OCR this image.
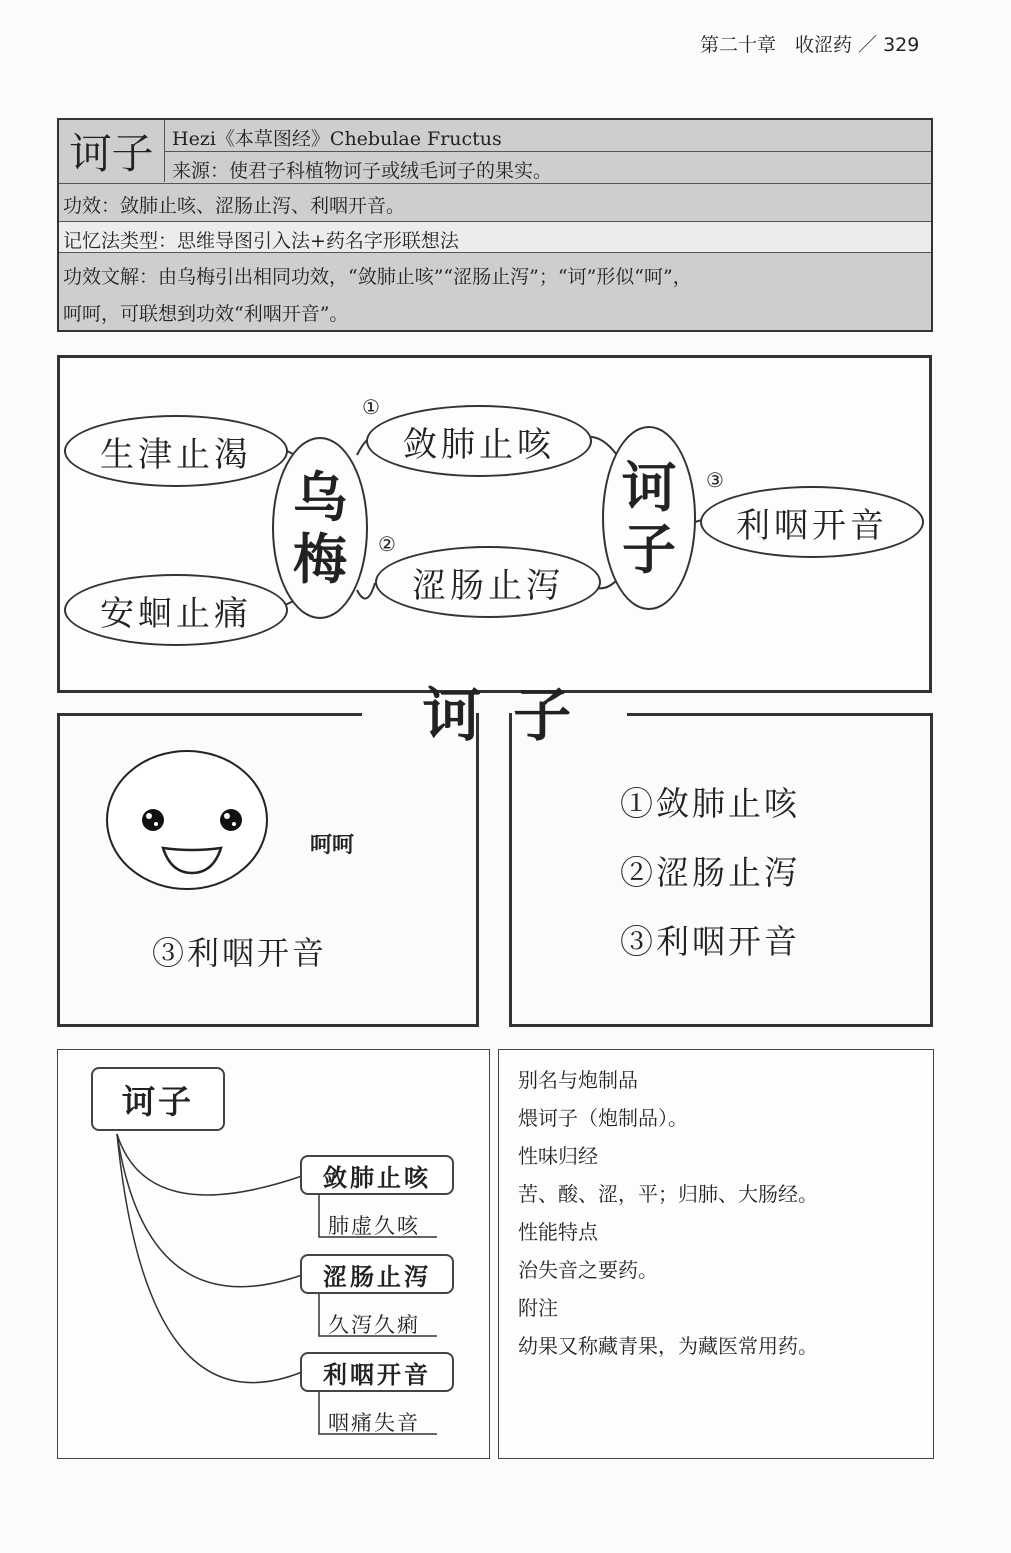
第二十章　收涩药 ／ 329
诃子 Hezi《本草图经》Chebulae Fructus
来源：使君子科植物诃子或绒毛诃子的果实。
功效：敛肺止咳、涩肠止泻、利咽开音。
记忆法类型：思维导图引入法+药名字形联想法
功效文解：由乌梅引出相同功效，“敛肺止咳”“涩肠止泻”；“诃”形似“呵”，
呵呵，可联想到功效“利咽开音”。
生津止渴
安蛔止痛
乌
梅
①
敛肺止咳
②
涩肠止泻
诃
子
③
利咽开音
诃 子
呵呵
③利咽开音
①敛肺止咳
②涩肠止泻
③利咽开音
诃子
敛肺止咳
肺虚久咳
涩肠止泻
久泻久痢
利咽开音
咽痛失音
别名与炮制品
煨诃子（炮制品）。
性味归经
苦、酸、涩，平；归肺、大肠经。
性能特点
治失音之要药。
附注
幼果又称藏青果，为藏医常用药。
